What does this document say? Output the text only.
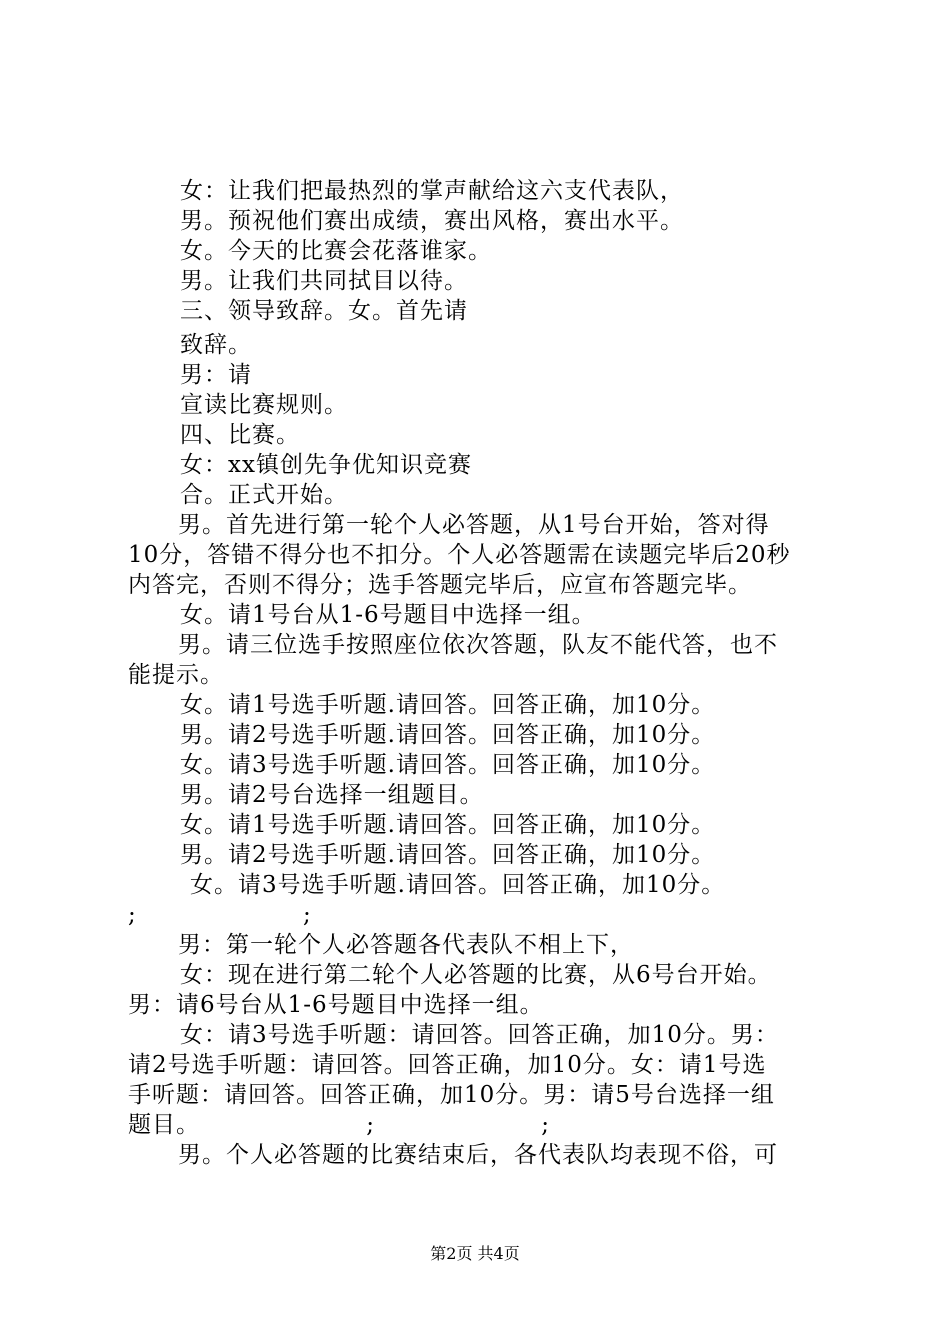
女：让我们把最热烈的掌声献给这六支代表队，
男。预祝他们赛出成绩，赛出风格，赛出水平。
女。今天的比赛会花落谁家。
男。让我们共同拭目以待。
三、领导致辞。女。首先请
致辞。
男：请
宣读比赛规则。
四、比赛。
女：xx镇创先争优知识竞赛
合。正式开始。
男。首先进行第一轮个人必答题，从1号台开始，答对得
10分，答错不得分也不扣分。个人必答题需在读题完毕后20秒
内答完，否则不得分；选手答题完毕后，应宣布答题完毕。
女。请1号台从1-6号题目中选择一组。
男。请三位选手按照座位依次答题，队友不能代答，也不
能提示。
女。请1号选手听题.请回答。回答正确，加10分。
男。请2号选手听题.请回答。回答正确，加10分。
女。请3号选手听题.请回答。回答正确，加10分。
男。请2号台选择一组题目。
女。请1号选手听题.请回答。回答正确，加10分。
男。请2号选手听题.请回答。回答正确，加10分。
女。请3号选手听题.请回答。回答正确，加10分。
;                    ;
男：第一轮个人必答题各代表队不相上下，
女：现在进行第二轮个人必答题的比赛，从6号台开始。
男：请6号台从1-6号题目中选择一组。
女：请3号选手听题：请回答。回答正确，加10分。男：
请2号选手听题：请回答。回答正确，加10分。女：请1号选
手听题：请回答。回答正确，加10分。男：请5号台选择一组
题目。                    ;                    ;
男。个人必答题的比赛结束后，各代表队均表现不俗，可
第2页 共4页
